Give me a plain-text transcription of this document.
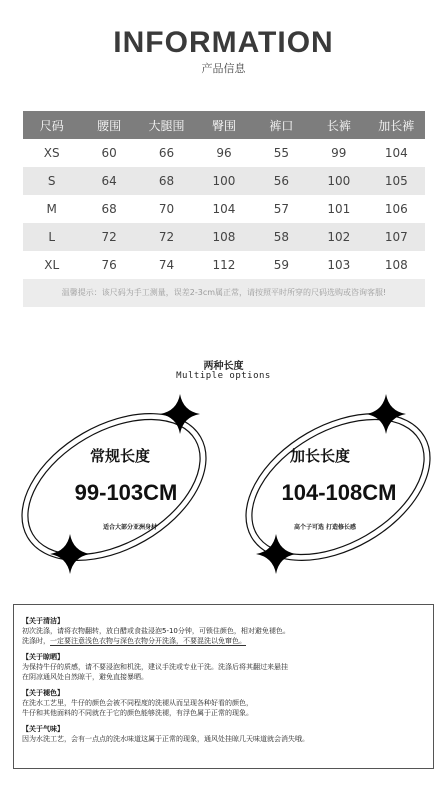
INFORMATION
产品信息
尺码	腰围	大腿围	臀围	裤口	长裤	加长裤
XS	60	66	96	55	99	104
S	64	68	100	56	100	105
M	68	70	104	57	101	106
L	72	72	108	58	102	107
XL	76	74	112	59	103	108
温馨提示：该尺码为手工测量，误差2-3cm属正常，请按照平时所穿的尺码选购或咨询客服!
两种长度
Multiple options
常规长度
99-103CM
适合大部分亚洲身材
加长长度
104-108CM
高个子可选 打造修长感

【关于清洁】

初次洗涤，请将衣物翻转，放白醋或食盐浸泡5-10分钟，可锁住颜色，相对避免褪色。

洗涤时，一定要注意浅色衣物与深色衣物分开洗涤，不要混洗以免窜色。

【关于晾晒】

为保持牛仔的质感，请不要浸泡和机洗，建议手洗或专业干洗。洗涤后将其翻过来悬挂

在阴凉通风处自然晾干，避免直接暴晒。

【关于褪色】

在洗水工艺里，牛仔的颜色会被不同程度的洗褪从而呈现各种好看的颜色，

牛仔和其他面料的不同就在于它的颜色能够洗褪，有浮色属于正常的现象。

【关于气味】

因为水洗工艺，会有一点点的洗水味道这属于正常的现象，通风处挂晾几天味道就会消失哦。
